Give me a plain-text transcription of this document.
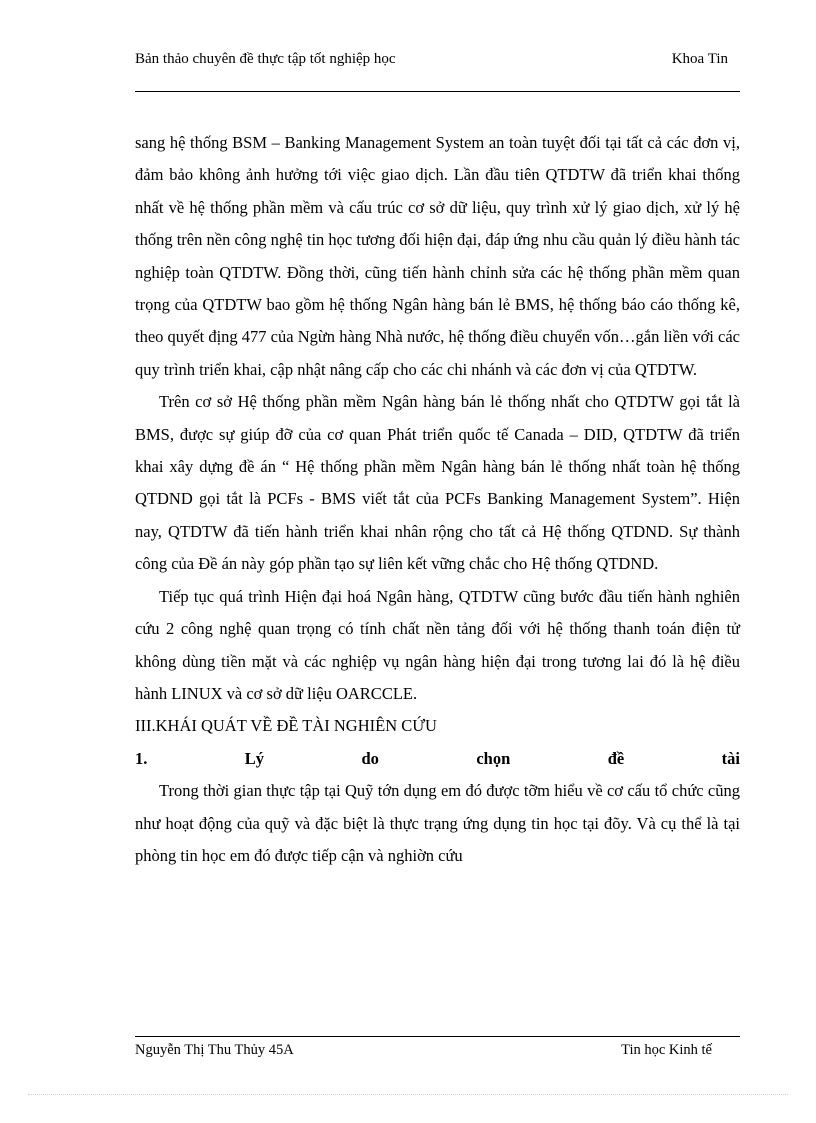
Bản thảo chuyên đề thực tập tốt nghiệp học	Khoa Tin

sang hệ thống BSM – Banking Management System an toàn tuyệt đối tại tất cả các đơn vị, đảm bảo không ảnh hưởng tới việc giao dịch. Lần đầu tiên QTDTW đã triển khai thống nhất về hệ thống phần mềm và cấu trúc cơ sở dữ liệu, quy trình xử lý giao dịch, xử lý hệ thống trên nền công nghệ tin học tương đối hiện đại, đáp ứng nhu cầu quản lý điều hành tác nghiệp toàn QTDTW. Đồng thời, cũng tiến hành chỉnh sửa các hệ thống phần mềm quan trọng của QTDTW bao gồm hệ thống Ngân hàng bán lẻ BMS, hệ thống báo cáo thống kê, theo quyết địng 477 của Ngừn hàng Nhà nước, hệ thống điều chuyển vốn…gắn liền với các quy trình triển khai, cập nhật nâng cấp cho các chi nhánh và các đơn vị của QTDTW.

Trên cơ sở Hệ thống phần mềm Ngân hàng bán lẻ thống nhất cho QTDTW gọi tắt là BMS, được sự giúp đỡ của cơ quan Phát triển quốc tế Canada – DID, QTDTW đã triển khai xây dựng đề án “ Hệ thống phần mềm Ngân hàng bán lẻ thống nhất toàn hệ thống QTDND gọi tắt là PCFs - BMS viết tắt của PCFs Banking Management System”. Hiện nay, QTDTW đã tiến hành triển khai nhân rộng cho tất cả Hệ thống QTDND. Sự thành công của Đề án này góp phần tạo sự liên kết vững chắc cho Hệ thống QTDND.

Tiếp tục quá trình Hiện đại hoá Ngân hàng, QTDTW cũng bước đầu tiến hành nghiên cứu 2 công nghệ quan trọng có tính chất nền tảng đối với hệ thống thanh toán điện tử không dùng tiền mặt và các nghiệp vụ ngân hàng hiện đại trong tương lai đó là hệ điều hành LINUX và cơ sở dữ liệu OARCCLE.

III.KHÁI QUÁT VỀ ĐỀ TÀI NGHIÊN CỨU

1.	Lý	do	chọn	đề	tài

Trong thời gian thực tập tại Quỹ tớn dụng em đó được tỡm hiểu về cơ cấu tổ chức cũng như hoạt động của quỹ và đặc biệt là thực trạng ứng dụng tin học tại đõy. Và cụ thể là tại phòng tin học em đó được tiếp cận và nghiờn cứu

Nguyễn Thị Thu Thủy 45A	Tin học Kinh tế
